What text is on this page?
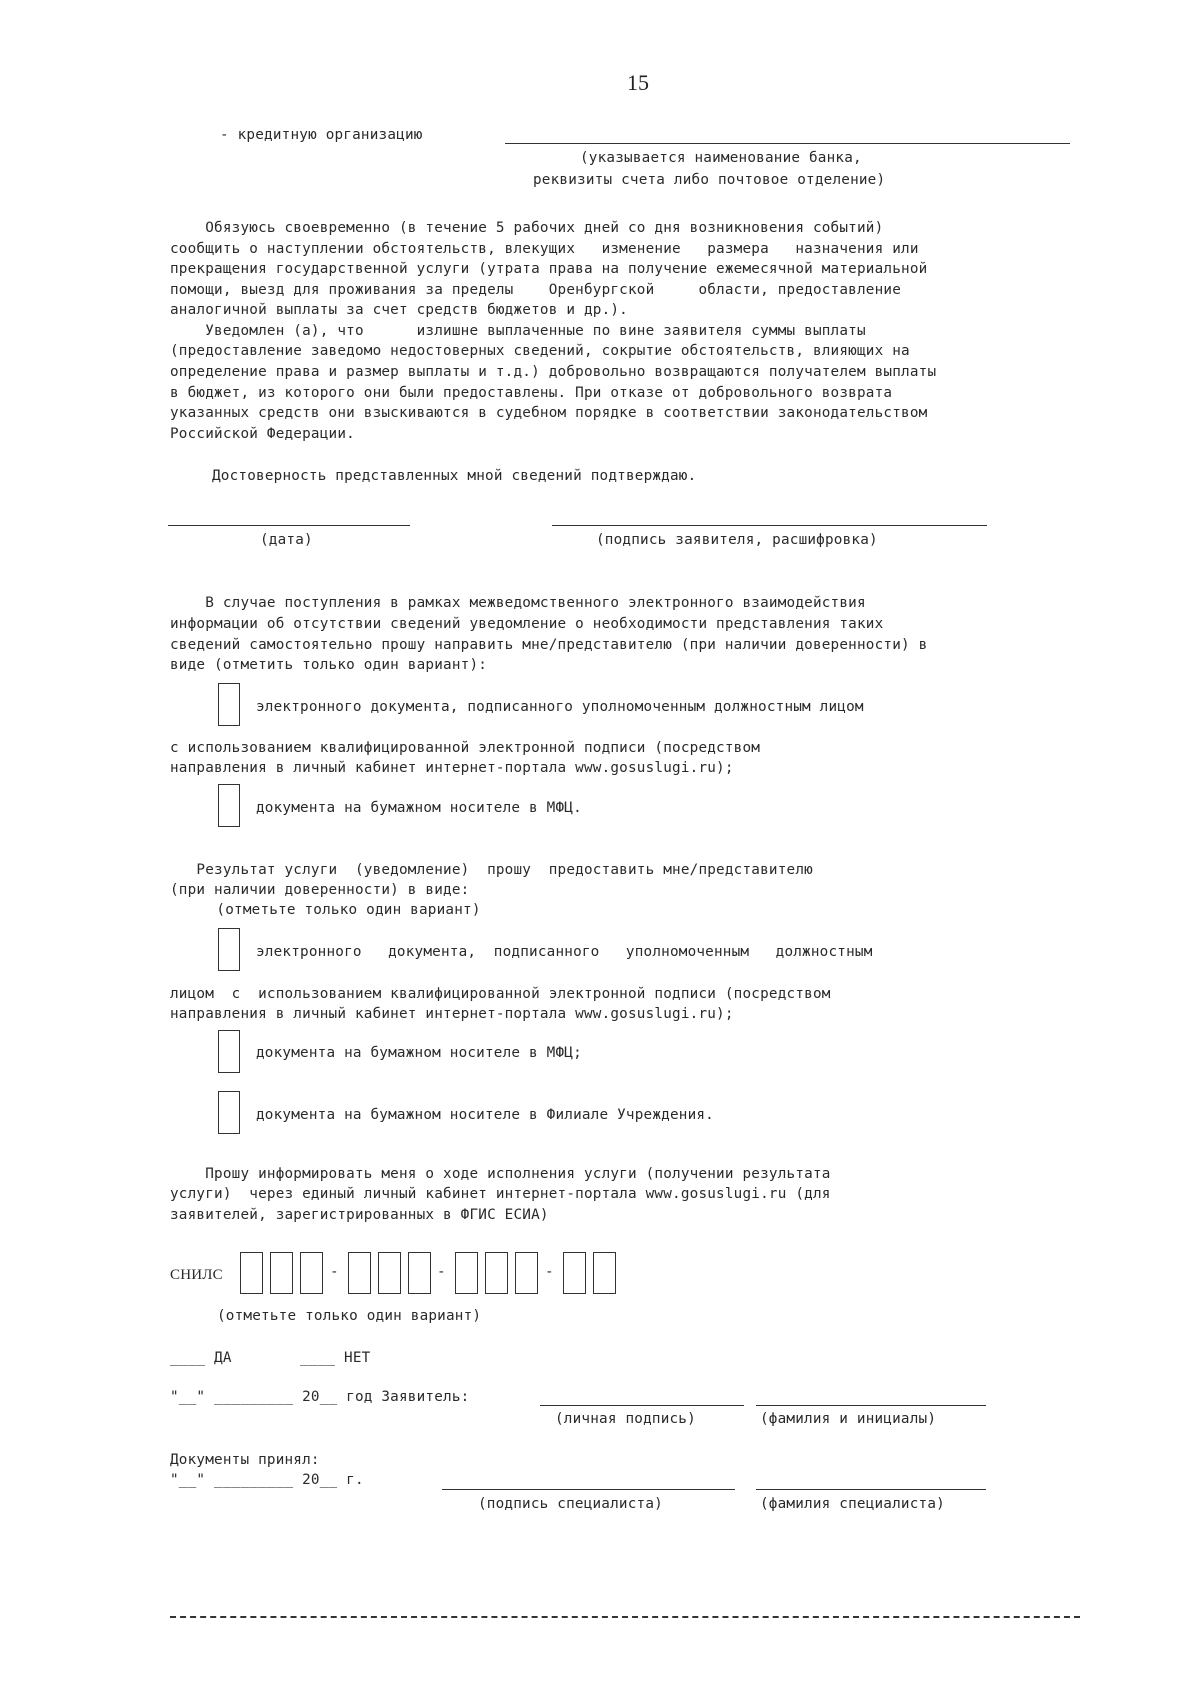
15
- кредитную организацию
(указывается наименование банка,
реквизиты счета либо почтовое отделение)
Обязуюсь своевременно (в течение 5 рабочих дней со дня возникновения событий)
сообщить о наступлении обстоятельств, влекущих   изменение   размера   назначения или
прекращения государственной услуги (утрата права на получение ежемесячной материальной
помощи, выезд для проживания за пределы    Оренбургской     области, предоставление
аналогичной выплаты за счет средств бюджетов и др.).
Уведомлен (а), что      излишне выплаченные по вине заявителя суммы выплаты
(предоставление заведомо недостоверных сведений, сокрытие обстоятельств, влияющих на
определение права и размер выплаты и т.д.) добровольно возвращаются получателем выплаты
в бюджет, из которого они были предоставлены. При отказе от добровольного возврата
указанных средств они взыскиваются в судебном порядке в соответствии законодательством
Российской Федерации.
Достоверность представленных мной сведений подтверждаю.
(дата)	(подпись заявителя, расшифровка)
В случае поступления в рамках межведомственного электронного взаимодействия
информации об отсутствии сведений уведомление о необходимости представления таких
сведений самостоятельно прошу направить мне/представителю (при наличии доверенности) в
виде (отметить только один вариант):
электронного документа, подписанного уполномоченным должностным лицом
с использованием квалифицированной электронной подписи (посредством
направления в личный кабинет интернет-портала www.gosuslugi.ru);
документа на бумажном носителе в МФЦ.
Результат услуги  (уведомление)  прошу  предоставить мне/представителю
(при наличии доверенности) в виде:
(отметьте только один вариант)
электронного   документа,  подписанного   уполномоченным   должностным
лицом  с  использованием квалифицированной электронной подписи (посредством
направления в личный кабинет интернет-портала www.gosuslugi.ru);
документа на бумажном носителе в МФЦ;
документа на бумажном носителе в Филиале Учреждения.
Прошу информировать меня о ходе исполнения услуги (получении результата
услуги)  через единый личный кабинет интернет-портала www.gosuslugi.ru (для
заявителей, зарегистрированных в ФГИС ЕСИА)
СНИЛС	-	-	-
(отметьте только один вариант)
____ ДА	____ НЕТ
"__" _________ 20__ год Заявитель:
(личная подпись)	(фамилия и инициалы)
Документы принял:
"__" _________ 20__ г.
(подпись специалиста)	(фамилия специалиста)
